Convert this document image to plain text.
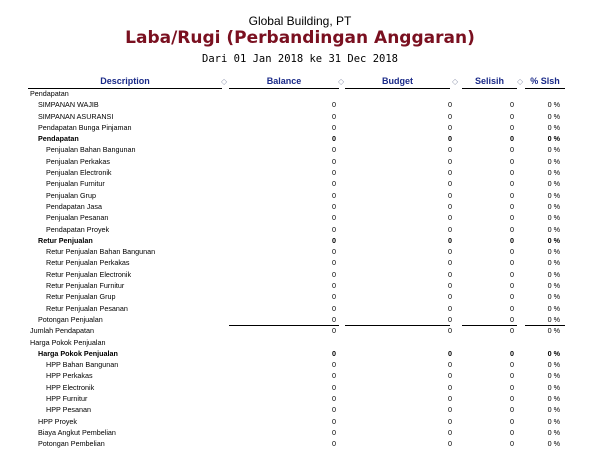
Global Building, PT
Laba/Rugi (Perbandingan Anggaran)
Dari 01 Jan 2018 ke 31 Dec 2018
Description	◇	Balance	◇	Budget	◇	Selisih	◇ % Slsh
Pendapatan
SIMPANAN WAJIB	0	0	0	0 %
SIMPANAN ASURANSI	0	0	0	0 %
Pendapatan Bunga Pinjaman	0	0	0	0 %
Pendapatan	0	0	0	0 %
Penjualan Bahan Bangunan	0	0	0	0 %
Penjualan Perkakas	0	0	0	0 %
Penjualan Electronik	0	0	0	0 %
Penjualan Furnitur	0	0	0	0 %
Penjualan Grup	0	0	0	0 %
Pendapatan Jasa	0	0	0	0 %
Penjualan Pesanan	0	0	0	0 %
Pendapatan Proyek	0	0	0	0 %
Retur Penjualan	0	0	0	0 %
Retur Penjualan Bahan Bangunan	0	0	0	0 %
Retur Penjualan Perkakas	0	0	0	0 %
Retur Penjualan Electronik	0	0	0	0 %
Retur Penjualan Furnitur	0	0	0	0 %
Retur Penjualan Grup	0	0	0	0 %
Retur Penjualan Pesanan	0	0	0	0 %
Potongan Penjualan	0	0	0	0 %
Jumlah Pendapatan	0	0	0	0 %
Harga Pokok Penjualan
Harga Pokok Penjualan	0	0	0	0 %
HPP Bahan Bangunan	0	0	0	0 %
HPP Perkakas	0	0	0	0 %
HPP Electronik	0	0	0	0 %
HPP Furnitur	0	0	0	0 %
HPP Pesanan	0	0	0	0 %
HPP Proyek	0	0	0	0 %
Biaya Angkut Pembelian	0	0	0	0 %
Potongan Pembelian	0	0	0	0 %
